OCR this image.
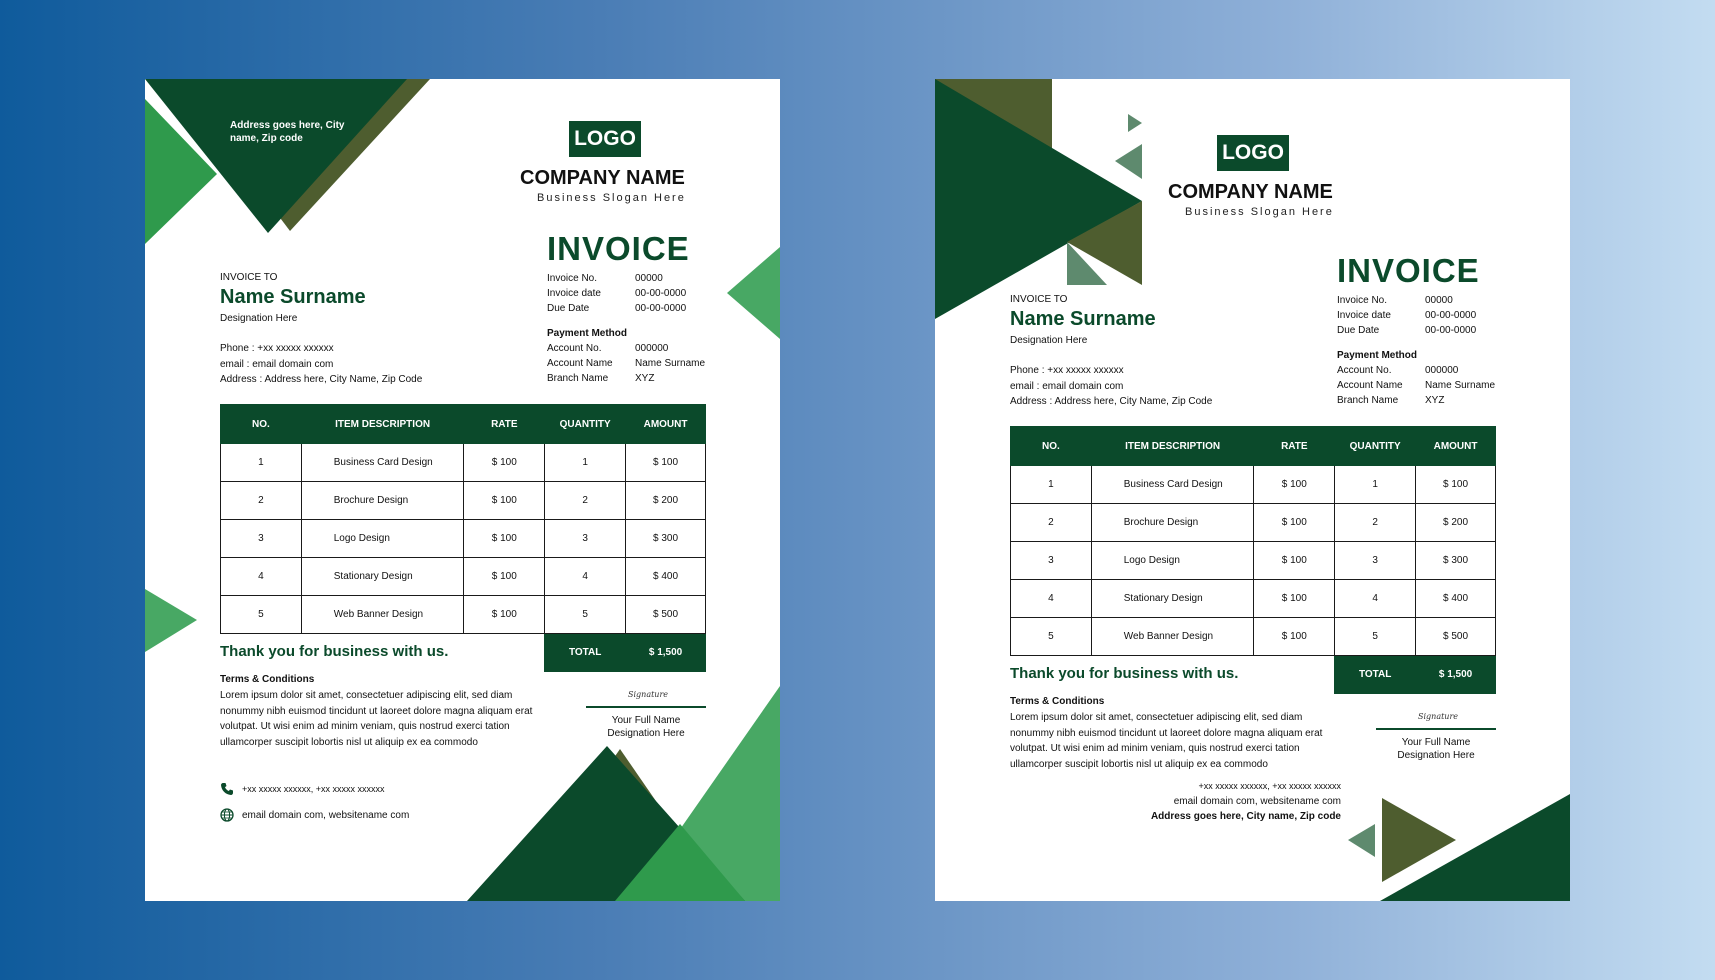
Address goes here, City name, Zip code	LOGO
COMPANY NAME
Business Slogan Here
INVOICE
INVOICE TO
Name Surname
Designation Here
Phone : +xx xxxxx xxxxxx
email : email domain com
Address : Address here, City Name, Zip Code
Invoice No.	00000
Invoice date	00-00-0000
Due Date	00-00-0000
Payment Method
Account No.	000000
Account Name	Name Surname
Branch Name	XYZ
NO.	ITEM DESCRIPTION	RATE	QUANTITY	AMOUNT
1	Business Card Design	$ 100	1	$ 100
2	Brochure Design	$ 100	2	$ 200
3	Logo Design	$ 100	3	$ 300
4	Stationary Design	$ 100	4	$ 400
5	Web Banner Design	$ 100	5	$ 500
			TOTAL	$ 1,500
Thank you for business with us.
Terms & Conditions
Lorem ipsum dolor sit amet, consectetuer adipiscing elit, sed diam nonummy nibh euismod tincidunt ut laoreet dolore magna aliquam erat volutpat. Ut wisi enim ad minim veniam, quis nostrud exerci tation ullamcorper suscipit lobortis nisl ut aliquip ex ea commodo
Signature
Your Full Name
Designation Here
+xx xxxxx xxxxxx, +xx xxxxx xxxxxx
email domain com, websitename com
LOGO
COMPANY NAME
Business Slogan Here
INVOICE
INVOICE TO
Name Surname
Designation Here
Phone : +xx xxxxx xxxxxx
email : email domain com
Address : Address here, City Name, Zip Code
Invoice No.	00000
Invoice date	00-00-0000
Due Date	00-00-0000
Payment Method
Account No.	000000
Account Name	Name Surname
Branch Name	XYZ
NO.	ITEM DESCRIPTION	RATE	QUANTITY	AMOUNT
1	Business Card Design	$ 100	1	$ 100
2	Brochure Design	$ 100	2	$ 200
3	Logo Design	$ 100	3	$ 300
4	Stationary Design	$ 100	4	$ 400
5	Web Banner Design	$ 100	5	$ 500
			TOTAL	$ 1,500
Thank you for business with us.
Terms & Conditions
Lorem ipsum dolor sit amet, consectetuer adipiscing elit, sed diam nonummy nibh euismod tincidunt ut laoreet dolore magna aliquam erat volutpat. Ut wisi enim ad minim veniam, quis nostrud exerci tation ullamcorper suscipit lobortis nisl ut aliquip ex ea commodo
Signature
Your Full Name
Designation Here
+xx xxxxx xxxxxx, +xx xxxxx xxxxxx
email domain com, websitename com
Address goes here, City name, Zip code
